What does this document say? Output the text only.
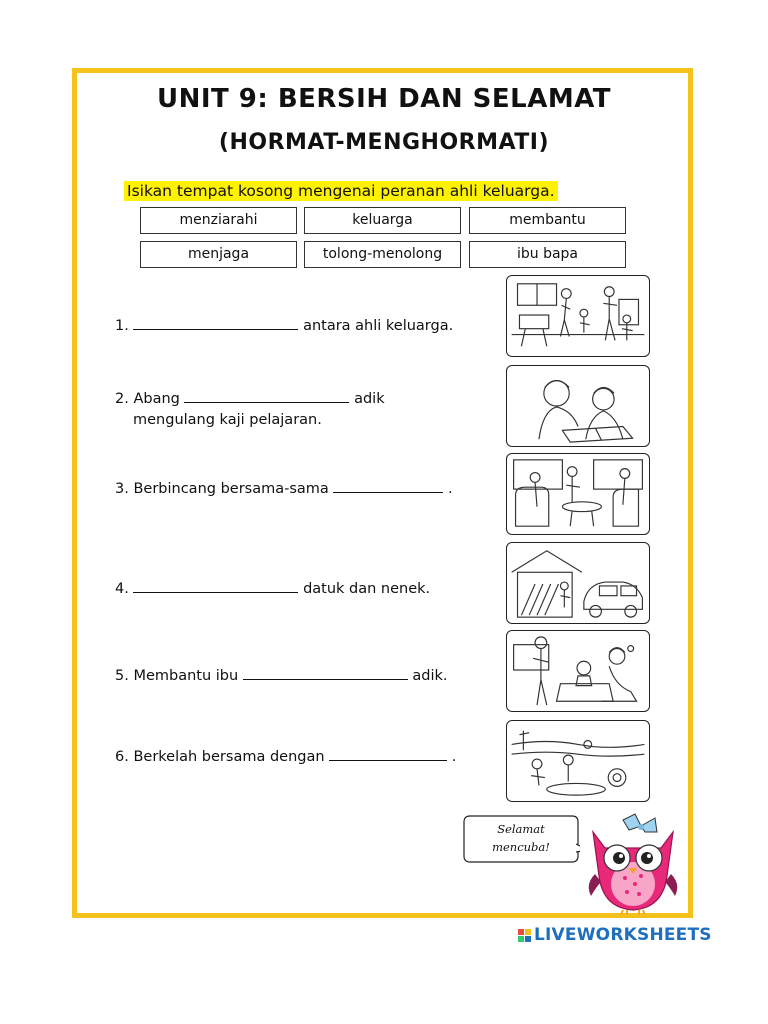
UNIT 9: BERSIH DAN SELAMAT
(HORMAT-MENGHORMATI)
Isikan tempat kosong mengenai peranan ahli keluarga.
menziarahi	keluarga	membantu
menjaga	tolong-menolong	ibu bapa
1.	antara ahli keluarga.
2. Abang	adik
mengulang kaji pelajaran.
3. Berbincang bersama-sama	.
4.	datuk dan nenek.
5. Membantu ibu	adik.
6. Berkelah bersama dengan	.
Selamat
mencuba!
LIVEWORKSHEETS
